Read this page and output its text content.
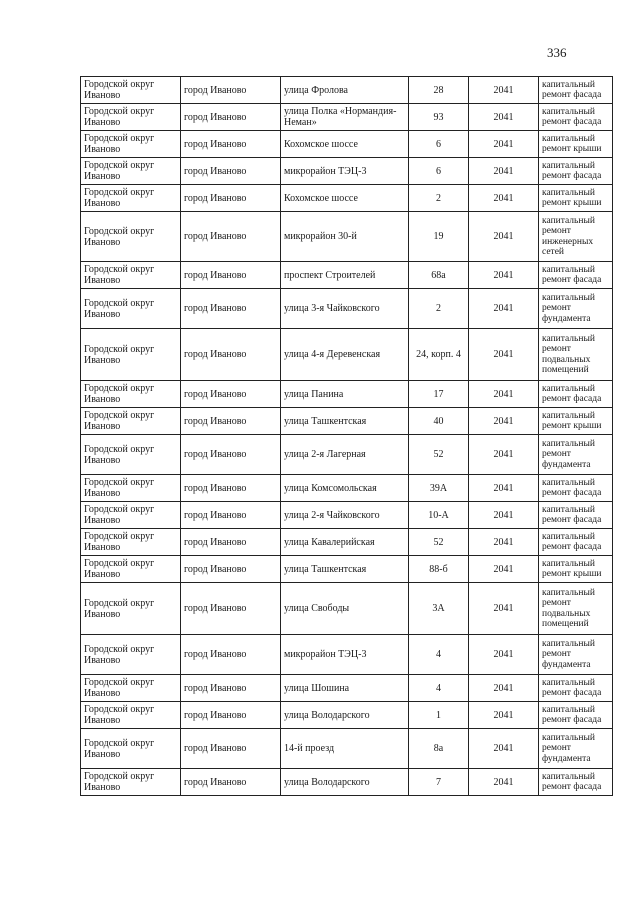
336
Городской округ Иваново	город Иваново	улица Фролова	28	2041	капитальный ремонт фасада
Городской округ Иваново	город Иваново	улица Полка «Нормандия-Неман»	93	2041	капитальный ремонт фасада
Городской округ Иваново	город Иваново	Кохомское шоссе	6	2041	капитальный ремонт крыши
Городской округ Иваново	город Иваново	микрорайон ТЭЦ-3	6	2041	капитальный ремонт фасада
Городской округ Иваново	город Иваново	Кохомское шоссе	2	2041	капитальный ремонт крыши
Городской округ Иваново	город Иваново	микрорайон 30-й	19	2041	капитальный ремонт инженерных сетей
Городской округ Иваново	город Иваново	проспект Строителей	68а	2041	капитальный ремонт фасада
Городской округ Иваново	город Иваново	улица 3-я Чайковского	2	2041	капитальный ремонт фундамента
Городской округ Иваново	город Иваново	улица 4-я Деревенская	24, корп. 4	2041	капитальный ремонт подвальных помещений
Городской округ Иваново	город Иваново	улица Панина	17	2041	капитальный ремонт фасада
Городской округ Иваново	город Иваново	улица Ташкентская	40	2041	капитальный ремонт крыши
Городской округ Иваново	город Иваново	улица 2-я Лагерная	52	2041	капитальный ремонт фундамента
Городской округ Иваново	город Иваново	улица Комсомольская	39А	2041	капитальный ремонт фасада
Городской округ Иваново	город Иваново	улица 2-я Чайковского	10-А	2041	капитальный ремонт фасада
Городской округ Иваново	город Иваново	улица Кавалерийская	52	2041	капитальный ремонт фасада
Городской округ Иваново	город Иваново	улица Ташкентская	88-б	2041	капитальный ремонт крыши
Городской округ Иваново	город Иваново	улица Свободы	3А	2041	капитальный ремонт подвальных помещений
Городской округ Иваново	город Иваново	микрорайон ТЭЦ-3	4	2041	капитальный ремонт фундамента
Городской округ Иваново	город Иваново	улица Шошина	4	2041	капитальный ремонт фасада
Городской округ Иваново	город Иваново	улица Володарского	1	2041	капитальный ремонт фасада
Городской округ Иваново	город Иваново	14-й проезд	8а	2041	капитальный ремонт фундамента
Городской округ Иваново	город Иваново	улица Володарского	7	2041	капитальный ремонт фасада
